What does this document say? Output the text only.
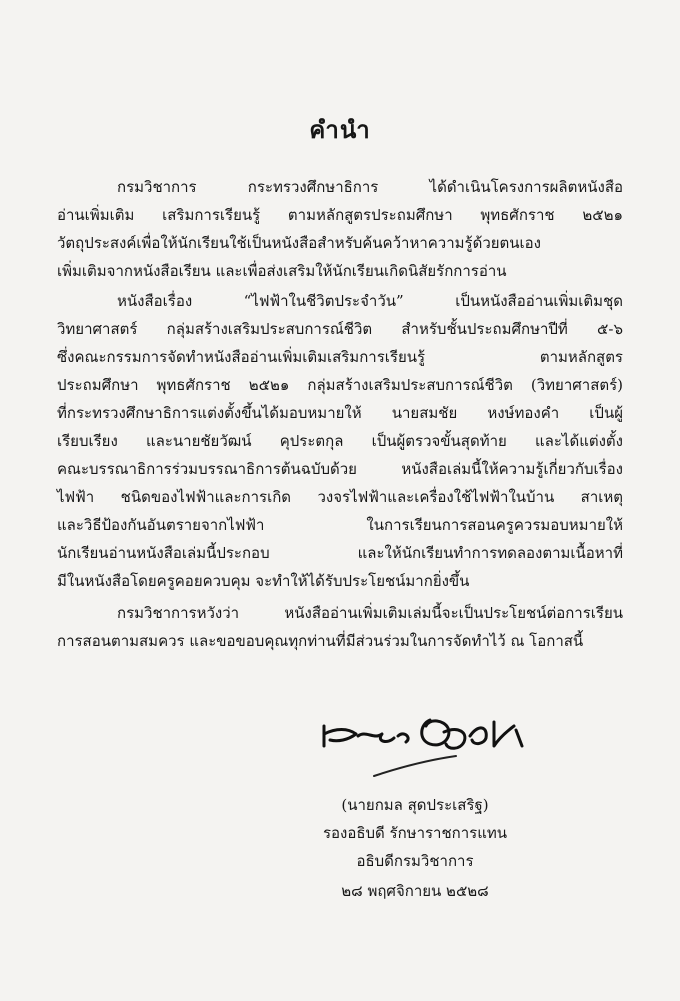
คำนำ
กรมวิชาการ กระทรวงศึกษาธิการ ได้ดำเนินโครงการผลิตหนังสือ
อ่านเพิ่มเติม เสริมการเรียนรู้ ตามหลักสูตรประถมศึกษา พุทธศักราช ๒๕๒๑
วัตถุประสงค์เพื่อให้นักเรียนใช้เป็นหนังสือสำหรับค้นคว้าหาความรู้ด้วยตนเอง
เพิ่มเติมจากหนังสือเรียน และเพื่อส่งเสริมให้นักเรียนเกิดนิสัยรักการอ่าน
หนังสือเรื่อง “ไฟฟ้าในชีวิตประจำวัน” เป็นหนังสืออ่านเพิ่มเติมชุด
วิทยาศาสตร์ กลุ่มสร้างเสริมประสบการณ์ชีวิต สำหรับชั้นประถมศึกษาปีที่ ๕-๖
ซึ่งคณะกรรมการจัดทำหนังสืออ่านเพิ่มเติมเสริมการเรียนรู้ ตามหลักสูตร
ประถมศึกษา พุทธศักราช ๒๕๒๑ กลุ่มสร้างเสริมประสบการณ์ชีวิต (วิทยาศาสตร์)
ที่กระทรวงศึกษาธิการแต่งตั้งขึ้นได้มอบหมายให้ นายสมชัย หงษ์ทองคำ เป็นผู้
เรียบเรียง และนายชัยวัฒน์ คุประตกุล เป็นผู้ตรวจขั้นสุดท้าย และได้แต่งตั้ง
คณะบรรณาธิการร่วมบรรณาธิการต้นฉบับด้วย หนังสือเล่มนี้ให้ความรู้เกี่ยวกับเรื่อง
ไฟฟ้า ชนิดของไฟฟ้าและการเกิด วงจรไฟฟ้าและเครื่องใช้ไฟฟ้าในบ้าน สาเหตุ
และวิธีป้องกันอันตรายจากไฟฟ้า ในการเรียนการสอนครูควรมอบหมายให้
นักเรียนอ่านหนังสือเล่มนี้ประกอบ และให้นักเรียนทำการทดลองตามเนื้อหาที่
มีในหนังสือโดยครูคอยควบคุม จะทำให้ได้รับประโยชน์มากยิ่งขึ้น
กรมวิชาการหวังว่า หนังสืออ่านเพิ่มเติมเล่มนี้จะเป็นประโยชน์ต่อการเรียน
การสอนตามสมควร และขอขอบคุณทุกท่านที่มีส่วนร่วมในการจัดทำไว้ ณ โอกาสนี้
(นายกมล สุดประเสริฐ)
รองอธิบดี รักษาราชการแทน
อธิบดีกรมวิชาการ
๒๘ พฤศจิกายน ๒๕๒๘
